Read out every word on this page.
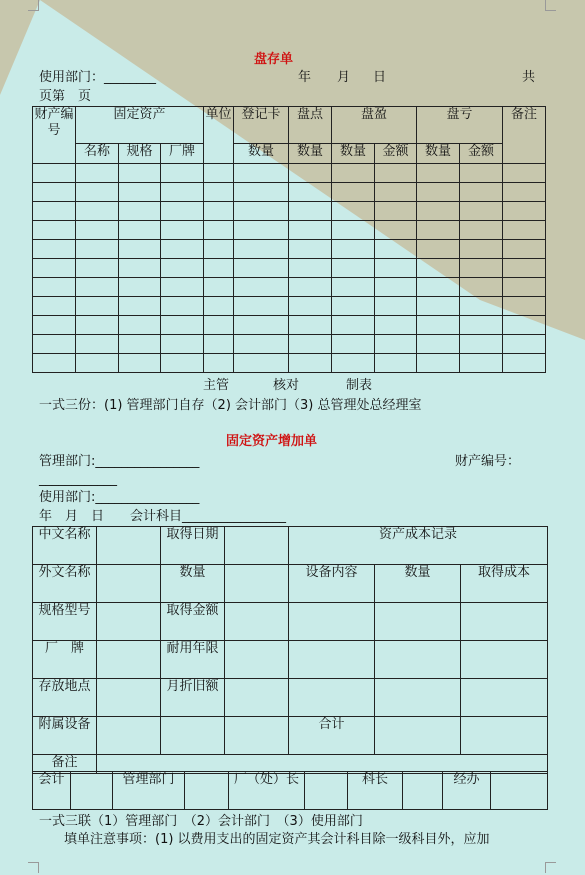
盘存单
使用部门：________	年 月 日	共
页第　页
财产编号	固定资产			单位	登记卡	盘点	盘盈		盘亏		备注
	名称	规格	厂牌		数量	数量	数量	金额	数量	金额	

主管	核对	制表
一式三份：(1) 管理部门自存（2) 会计部门（3) 总管理处总经理室
固定资产增加单
管理部门:________________	财产编号：
____________
使用部门:________________
年　月　日　　会计科目________________
中文名称		取得日期		资产成本记录		
外文名称		数量		设备内容	数量	取得成本
规格型号		取得金额				
厂　牌		耐用年限				
存放地点		月折旧额				
附属设备				合计		
备注						
会计		管理部门		厂（处）长		科长		经办	
一式三联（1）管理部门　（2）会计部门　（3）使用部门
填单注意事项：(1) 以费用支出的固定资产其会计科目除一级科目外，应加
